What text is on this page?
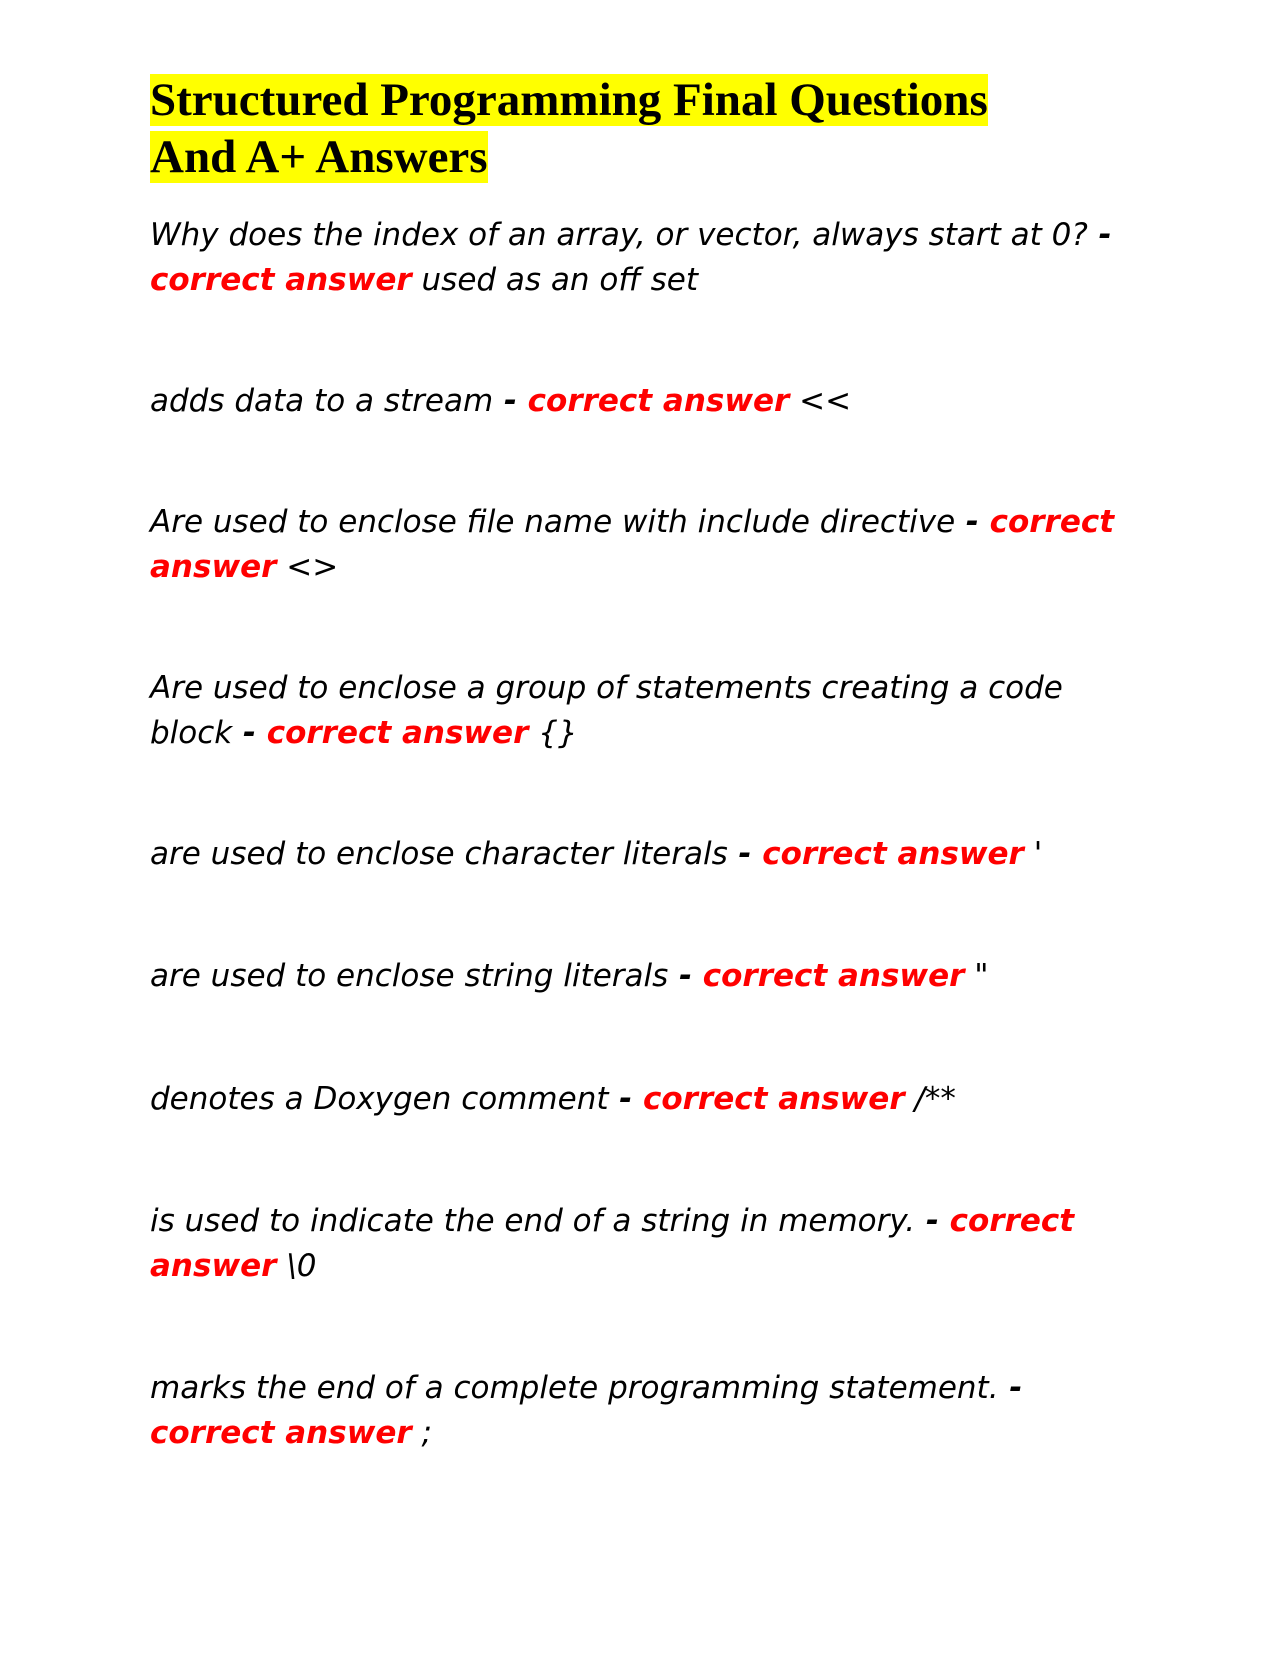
Structured Programming Final Questions
And A+ Answers
Why does the index of an array, or vector, always start at 0? - correct answer used as an off set
adds data to a stream - correct answer <<
Are used to enclose file name with include directive - correct answer <>
Are used to enclose a group of statements creating a code block - correct answer {}
are used to enclose character literals - correct answer '
are used to enclose string literals - correct answer "
denotes a Doxygen comment - correct answer /**
is used to indicate the end of a string in memory. - correct answer \0
marks the end of a complete programming statement. - correct answer ;
